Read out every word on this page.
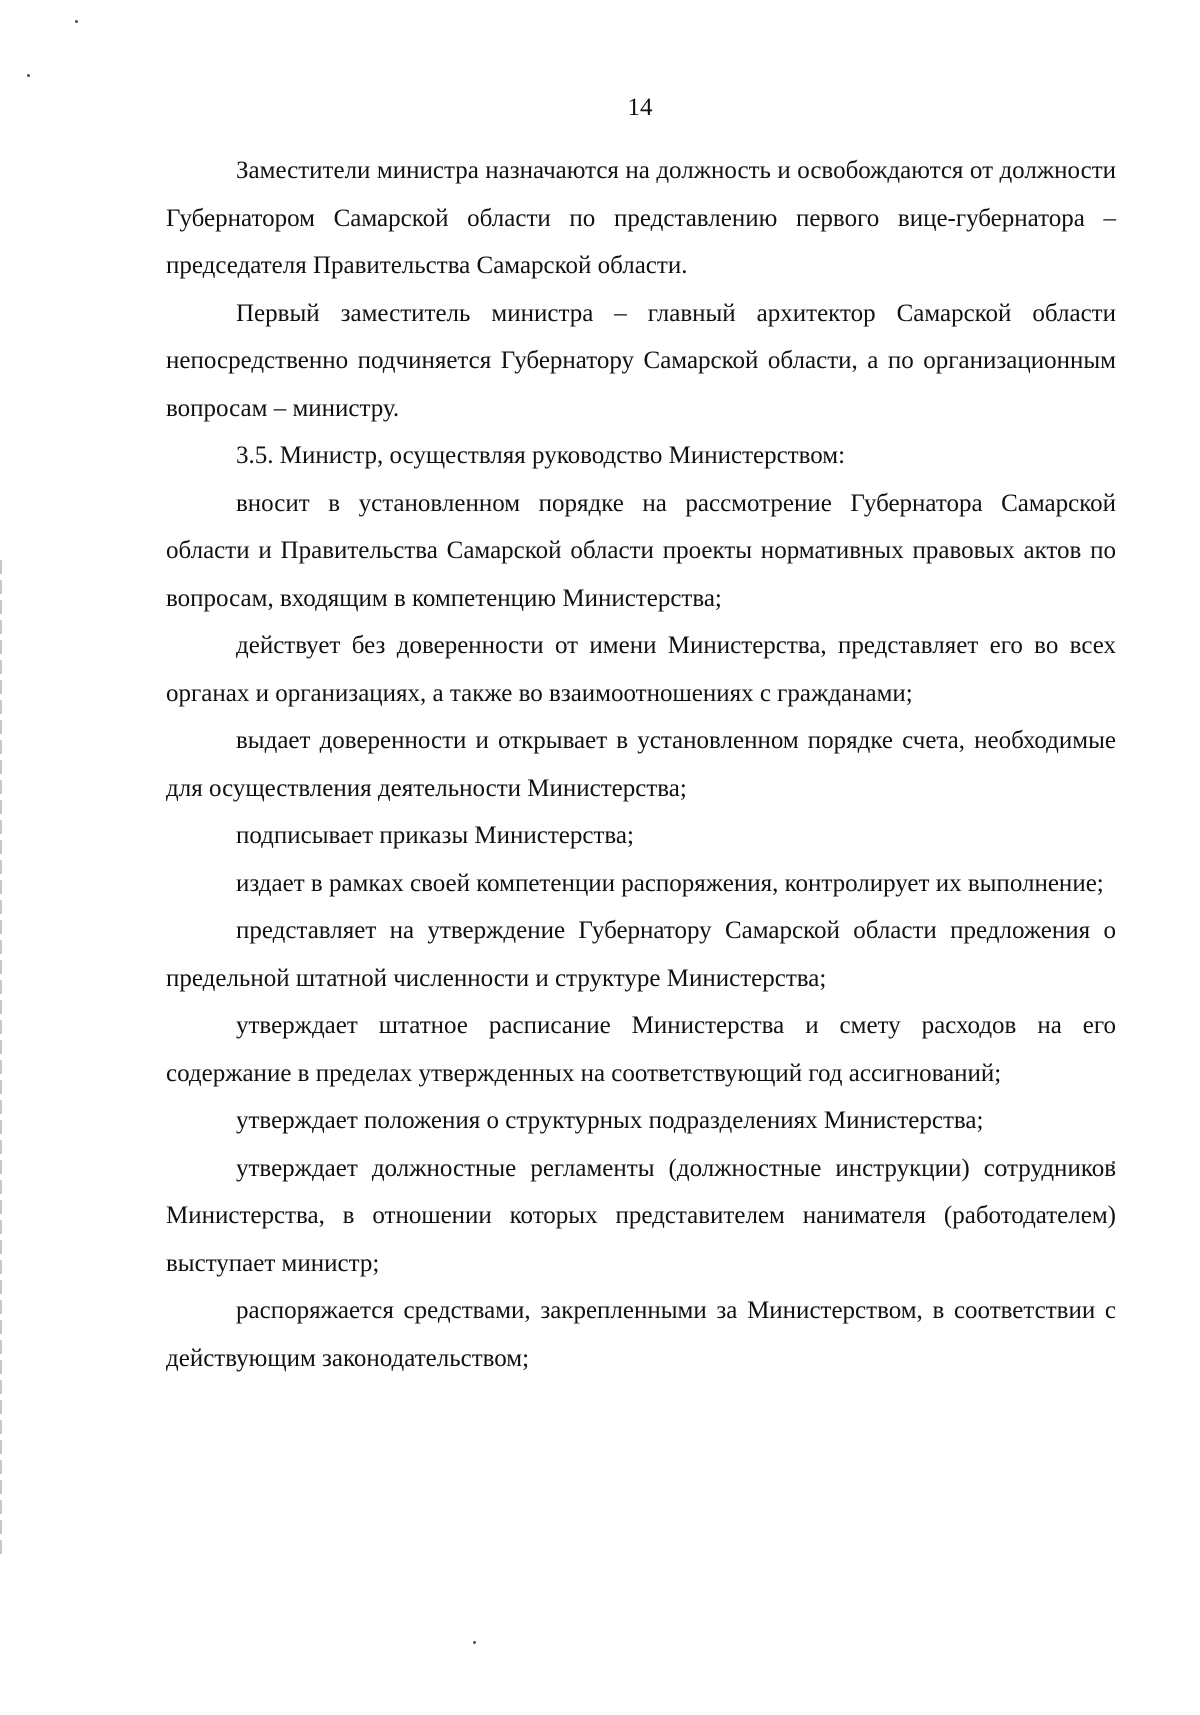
14

Заместители министра назначаются на должность и освобождаются от должности Губернатором Самарской области по представлению первого вице-губернатора – председателя Правительства Самарской области.

Первый заместитель министра – главный архитектор Самарской области непосредственно подчиняется Губернатору Самарской области, а по организационным вопросам – министру.

3.5. Министр, осуществляя руководство Министерством:

вносит в установленном порядке на рассмотрение Губернатора Самарской области и Правительства Самарской области проекты нормативных правовых актов по вопросам, входящим в компетенцию Министерства;

действует без доверенности от имени Министерства, представляет его во всех органах и организациях, а также во взаимоотношениях с гражданами;

выдает доверенности и открывает в установленном порядке счета, необходимые для осуществления деятельности Министерства;

подписывает приказы Министерства;

издает в рамках своей компетенции распоряжения, контролирует их выполнение;

представляет на утверждение Губернатору Самарской области предложения о предельной штатной численности и структуре Министерства;

утверждает штатное расписание Министерства и смету расходов на его содержание в пределах утвержденных на соответствующий год ассигнований;

утверждает положения о структурных подразделениях Министерства;

утверждает должностные регламенты (должностные инструкции) сотрудников Министерства, в отношении которых представителем нанимателя (работодателем) выступает министр;

распоряжается средствами, закрепленными за Министерством, в соответствии с действующим законодательством;
